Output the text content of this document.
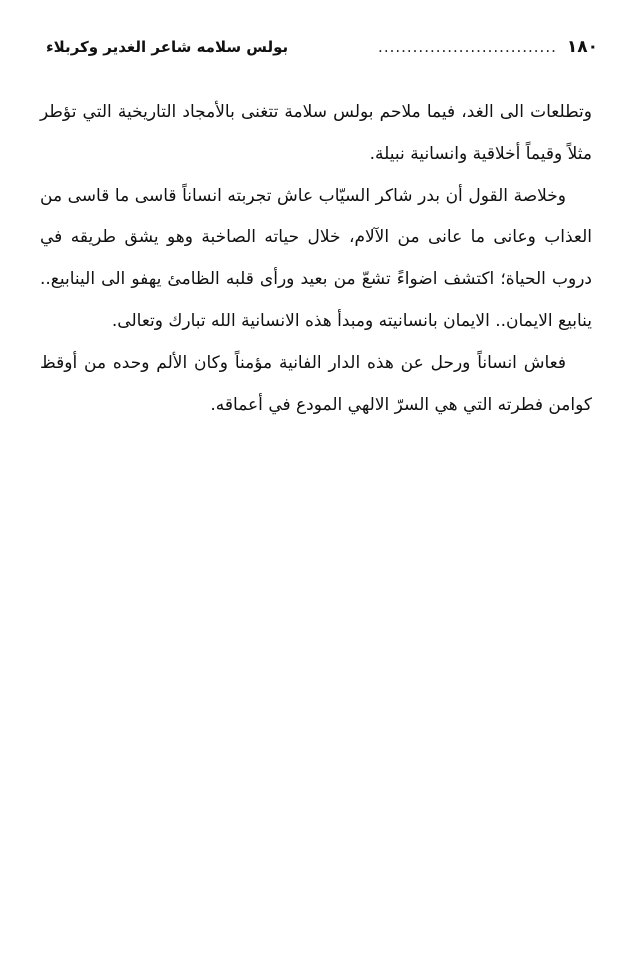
١٨٠
...............................
بولس سلامه شاعر الغدير وكربلاء

وتطلعات الى الغد، فيما ملاحم بولس سلامة تتغنى بالأمجاد التاريخية التي تؤطر مثلاً وقيماً أخلاقية وانسانية نبيلة.

وخلاصة القول أن بدر شاكر السيّاب عاش تجربته انساناً قاسى ما قاسى من العذاب وعانى ما عانى من الآلام، خلال حياته الصاخبة وهو يشق طريقه في دروب الحياة؛ اكتشف اضواءً تشعّ من بعيد ورأى قلبه الظامئ يهفو الى الينابيع.. ينابيع الايمان.. الايمان بانسانيته ومبدأ هذه الانسانية الله تبارك وتعالى.

فعاش انساناً ورحل عن هذه الدار الفانية مؤمناً وكان الألم وحده من أوقظ كوامن فطرته التي هي السرّ الالهي المودع في أعماقه.
